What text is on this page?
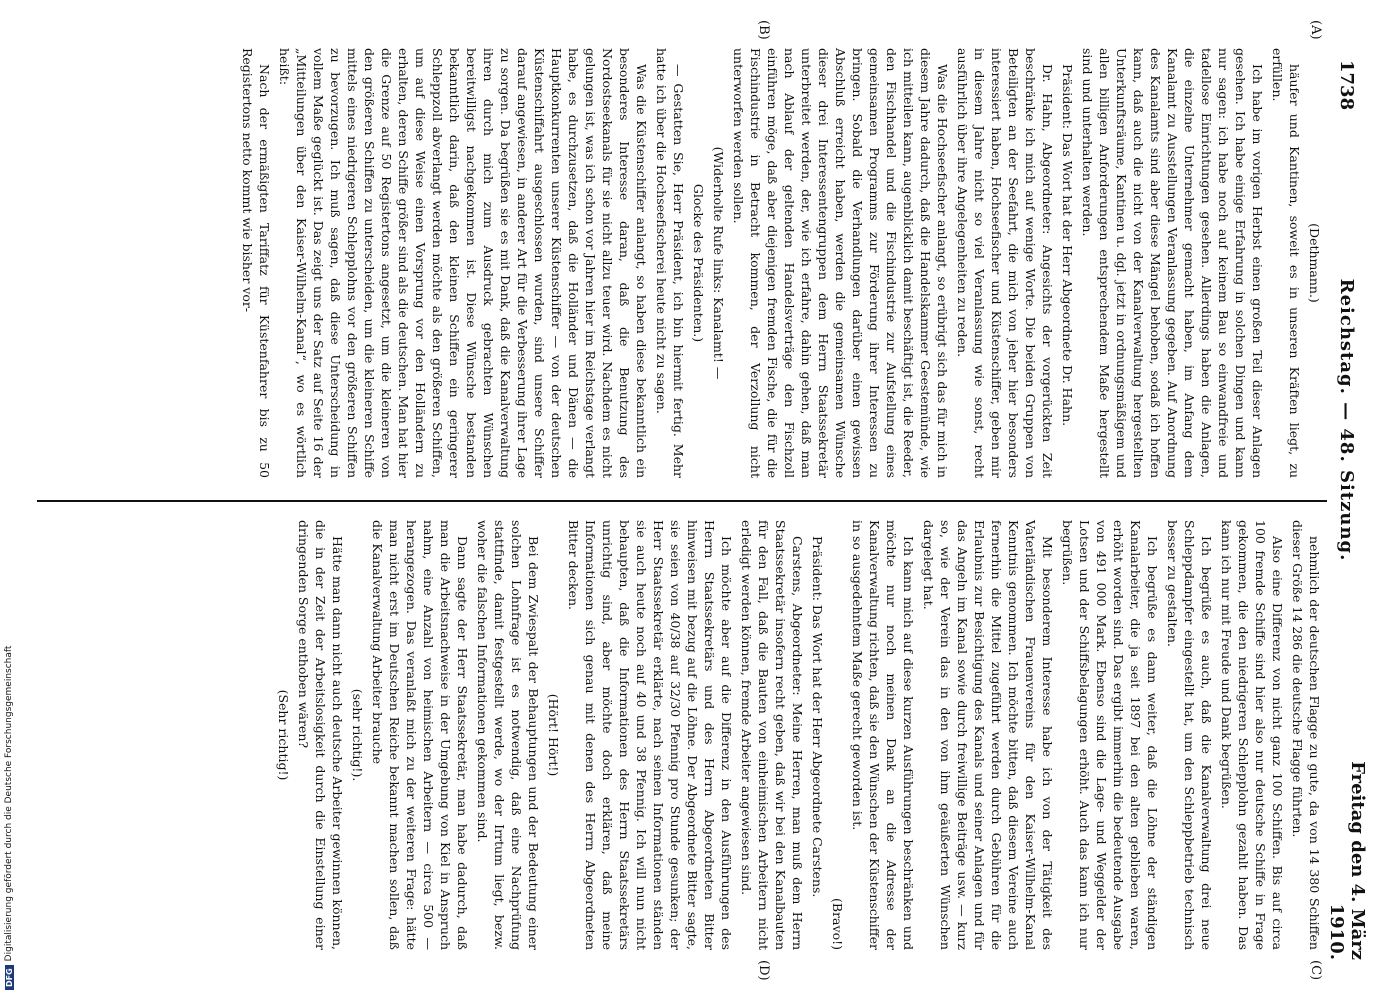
1738
Reichstag. — 48. Sitzung.
Freitag den 4. März 1910.
(A)
(B)
(C)
(D)

(Dethmann.)

häufer und Kantinen, soweit es in unseren Kräften liegt, zu erfüllen.

Ich habe im vorigen Herbst einen großen Teil dieser Anlagen gesehen. Ich habe einige Erfahrung in solchen Dingen und kann nur sagen: ich habe noch auf keinem Bau so einwandfreie und tadellose Einrichtungen gesehen. Allerdings haben die Anlagen, die einzelne Unternehmer gemacht haben, im Anfang dem Kanalamt zu Ausstellungen Veranlassung gegeben. Auf Anordnung des Kanalamts sind aber diese Mängel behoben, sodaß ich hoffen kann, daß auch die nicht von der Kanalverwaltung hergestellten Unterkunftsräume, Kantinen u. dgl. jetzt in ordnungsmäßigem und allen billigen Anforderungen entsprechendem Maße hergestellt sind und unterhalten werden.

Präsident: Das Wort hat der Herr Abgeordnete Dr. Hahn.

Dr. Hahn, Abgeordneter: Angesichts der vorgerückten Zeit beschränke ich mich auf wenige Worte. Die beiden Gruppen von Beteiligten an der Seefahrt, die mich von jeher hier besonders interessiert haben, Hochseefischer und Küstenschiffer, geben mir in diesem Jahre nicht so viel Veranlassung wie sonst, recht ausführlich über ihre Angelegenheiten zu reden.

Was die Hochseefischer anlangt, so erübrigt sich das für mich in diesem Jahre dadurch, daß die Handelskammer Geestemünde, wie ich mitteilen kann, augenblicklich damit beschäftigt ist, die Reeder, den Fischhandel und die Fischindustrie zur Aufstellung eines gemeinsamen Programms zur Förderung ihrer Interessen zu bringen. Sobald die Verhandlungen darüber einen gewissen Abschluß erreicht haben, werden die gemeinsamen Wünsche dieser drei Interessentengruppen dem Herrn Staatssekretär unterbreitet werden, der, wie ich erfahre, dahin gehen, daß man nach Ablauf der geltenden Handelsverträge den Fischzoll einführen möge, daß aber diejenigen fremden Fische, die für die Fischindustrie in Betracht kommen, der Verzollung nicht unterworfen werden sollen.

(Widerholte Rufe links: Kanalamt! —

Glocke des Präsidenten.)

— Gestatten Sie, Herr Präsident, ich bin hiermit fertig. Mehr hatte ich über die Hochseefischerei heute nicht zu sagen.

Was die Küstenschiffer anlangt, so haben diese bekanntlich ein besonderes Interesse daran, daß die Benutzung des Nordostseekanals für sie nicht allzu teuer wird. Nachdem es nicht gelungen ist, was ich schon vor Jahren hier im Reichstage verlangt habe, es durchzusetzen, daß die Holländer und Dänen — die Hauptkonkurrenten unserer Küstenschiffer — von der deutschen Küstenschiffahrt ausgeschlossen wurden, sind unsere Schiffer darauf angewiesen, in anderer Art für die Verbesserung ihrer Lage zu sorgen. Da begrüßen sie es mit Dank, daß die Kanalverwaltung ihren durch mich zum Ausdruck gebrachten Wünschen bereitwilligst nachgekommen ist. Diese Wünsche bestanden bekanntlich darin, daß den kleinen Schiffen ein geringerer Schleppzoll abverlangt werden möchte als den größeren Schiffen, um auf diese Weise einen Vorsprung vor den Holländern zu erhalten, deren Schiffe größer sind als die deutschen. Man hat hier die Grenze auf 50 Registertons angesetzt, um die kleineren von den größeren Schiffen zu unterscheiden, um die kleineren Schiffe mittels eines niedrigeren Schlepplohns vor den größeren Schiffen zu bevorzugen. Ich muß sagen, daß diese Unterscheidung in vollem Maße geglückt ist. Das zeigt uns der Satz auf Seite 16 der „Mitteilungen über den Kaiser-Wilhelm-Kanal“, wo es wörtlich heißt:

Nach der ermäßigten Tariffatz für Küstenfahrer bis zu 50 Registertons netto kommt wie bisher vor-

nehmlich der deutschen Flagge zu gute, da von 14 380 Schiffen dieser Größe 14 286 die deutsche Flagge führten.

Also eine Differenz von nicht ganz 100 Schiffen. Bis auf circa 100 fremde Schiffe sind hier also nur deutsche Schiffe in Frage gekommen, die den niedrigeren Schlepplohn gezahlt haben. Das kann ich nur mit Freude und Dank begrüßen.

Ich begrüße es auch, daß die Kanalverwaltung drei neue Schleppdampfer eingestellt hat, um den Schleppbetrieb technisch besser zu gestalten.

Ich begrüße es dann weiter, daß die Löhne der ständigen Kanalarbeiter, die ja seit 1897 bei den alten geblieben waren, erhöht worden sind. Das ergibt immerhin die bedeutende Ausgabe von 491 000 Mark. Ebenso sind die Lage- und Weggelder der Lotsen und der Schiffsbelagungen erhöht. Auch das kann ich nur begrüßen.

Mit besonderem Interesse habe ich von der Tätigkeit des Vaterländischen Frauenvereins für den Kaiser-Wilhelm-Kanal Kenntnis genommen. Ich möchte bitten, daß diesem Vereine auch fernerhin die Mittel zugeführt werden durch Gebühren für die Erlaubnis zur Besichtigung des Kanals und seiner Anlagen und für das Angeln im Kanal sowie durch freiwillige Beiträge usw. — kurz so, wie der Verein das in den von ihm geäußerten Wünschen dargelegt hat.

Ich kann mich auf diese kurzen Ausführungen beschränken und möchte nur noch meinen Dank an die Adresse der Kanalverwaltung richten, daß sie den Wünschen der Küstenschiffer in so ausgedehntem Maße gerecht geworden ist.

(Bravo!)

Präsident: Das Wort hat der Herr Abgeordnete Carstens.

Carstens, Abgeordneter: Meine Herren, man muß dem Herrn Staatssekretär insofern recht geben, daß wir bei den Kanalbauten für den Fall, daß die Bauten von einheimischen Arbeitern nicht erledigt werden können, fremde Arbeiter angewiesen sind.

Ich möchte aber auf die Differenz in den Ausführungen des Herrn Staatssekretärs und des Herrn Abgeordneten Bitter hinweisen mit bezug auf die Löhne. Der Abgeordnete Bitter sagte, sie seien von 40/38 auf 32/30 Pfennig pro Stunde gesunken; der Herr Staatssekretär erklärte, nach seinen Informationen ständen sie auch heute noch auf 40 und 38 Pfennig. Ich will nun nicht behaupten, daß die Informationen des Herrn Staatssekretärs unrichtig sind, aber möchte doch erklären, daß meine Informationen sich genau mit denen des Herrn Abgeordneten Bitter decken.

(Hört! Hört!)

Bei dem Zwiespalt der Behauptungen und der Bedeutung einer solchen Lohnfrage ist es notwendig, daß eine Nachprüfung stattfinde, damit festgestellt werde, wo der Irrtum liegt, bezw. woher die falschen Informationen gekommen sind.

Dann sagte der Herr Staatssekretär, man habe dadurch, daß man die Arbeitsnachweise in der Umgebung von Kiel in Anspruch nahm, eine Anzahl von heimischen Arbeitern — circa 500 — herangezogen. Das veranlaßt mich zu der weiteren Frage: hätte man nicht erst im Deutschen Reiche bekannt machen sollen, daß die Kanalverwaltung Arbeiter brauche

(sehr richtig!).

Hätte man dann nicht auch deutsche Arbeiter gewinnen können, die in der Zeit der Arbeitslosigkeit durch die Einstellung einer dringenden Sorge enthoben wären?

(Sehr richtig!)

DFG
Digitalisierung gefördert durch die Deutsche Forschungsgemeinschaft
